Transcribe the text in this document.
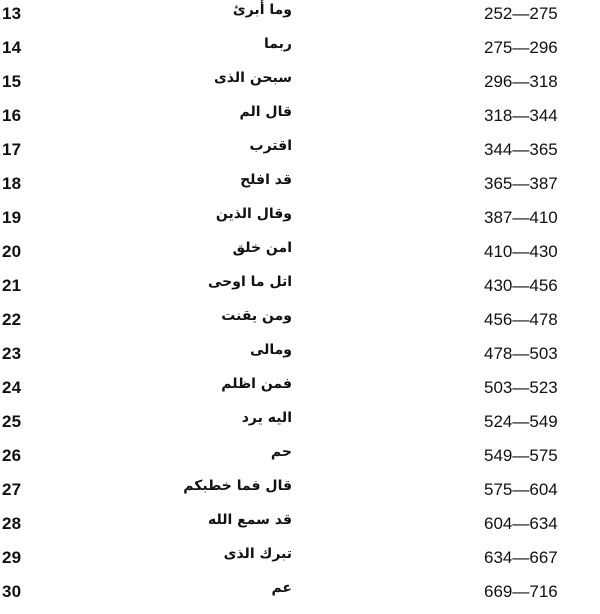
13	وما أبرئ	252—275
14	ربما	275—296
15	سبحن الذى	296—318
16	قال الم	318—344
17	اقترب	344—365
18	قد افلح	365—387
19	وقال الذين	387—410
20	امن خلق	410—430
21	اتل ما اوحى	430—456
22	ومن يقنت	456—478
23	ومالى	478—503
24	فمن اظلم	503—523
25	اليه يرد	524—549
26	حم	549—575
27	قال فما خطبكم	575—604
28	قد سمع الله	604—634
29	تبرك الذى	634—667
30	عم	669—716
